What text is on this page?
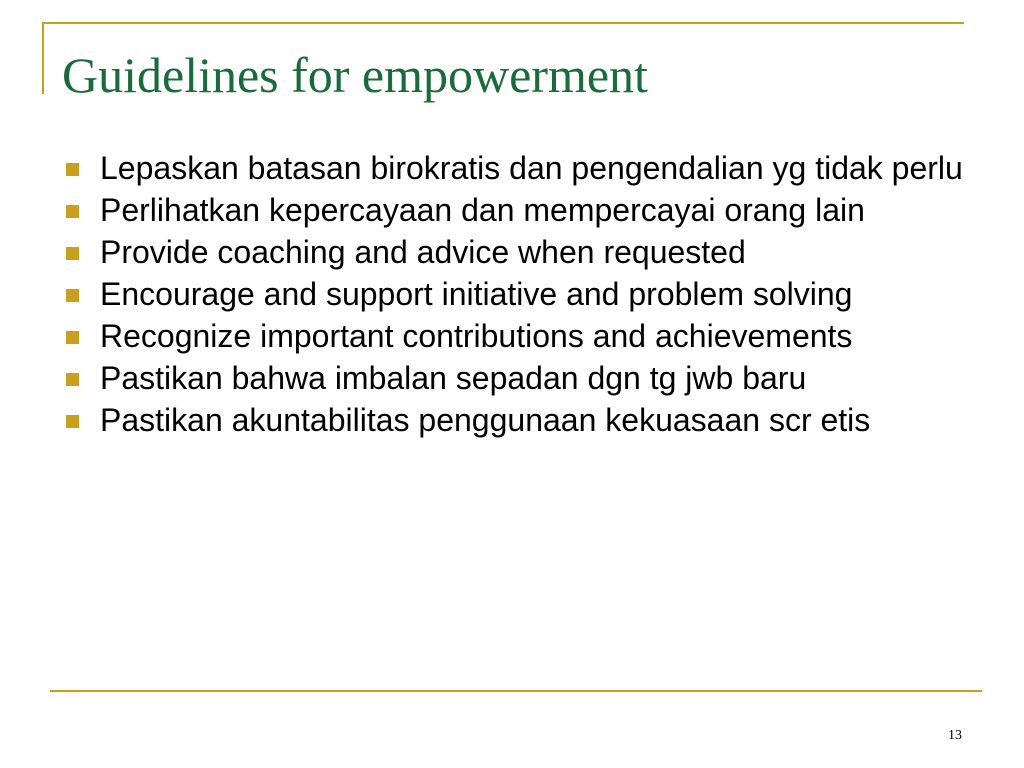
Guidelines for empowerment
Lepaskan batasan birokratis dan pengendalian yg tidak perlu
Perlihatkan kepercayaan dan mempercayai orang lain
Provide coaching and advice when requested
Encourage and support initiative and problem solving
Recognize important contributions and achievements
Pastikan bahwa imbalan sepadan dgn tg jwb baru
Pastikan akuntabilitas penggunaan kekuasaan scr etis
13
